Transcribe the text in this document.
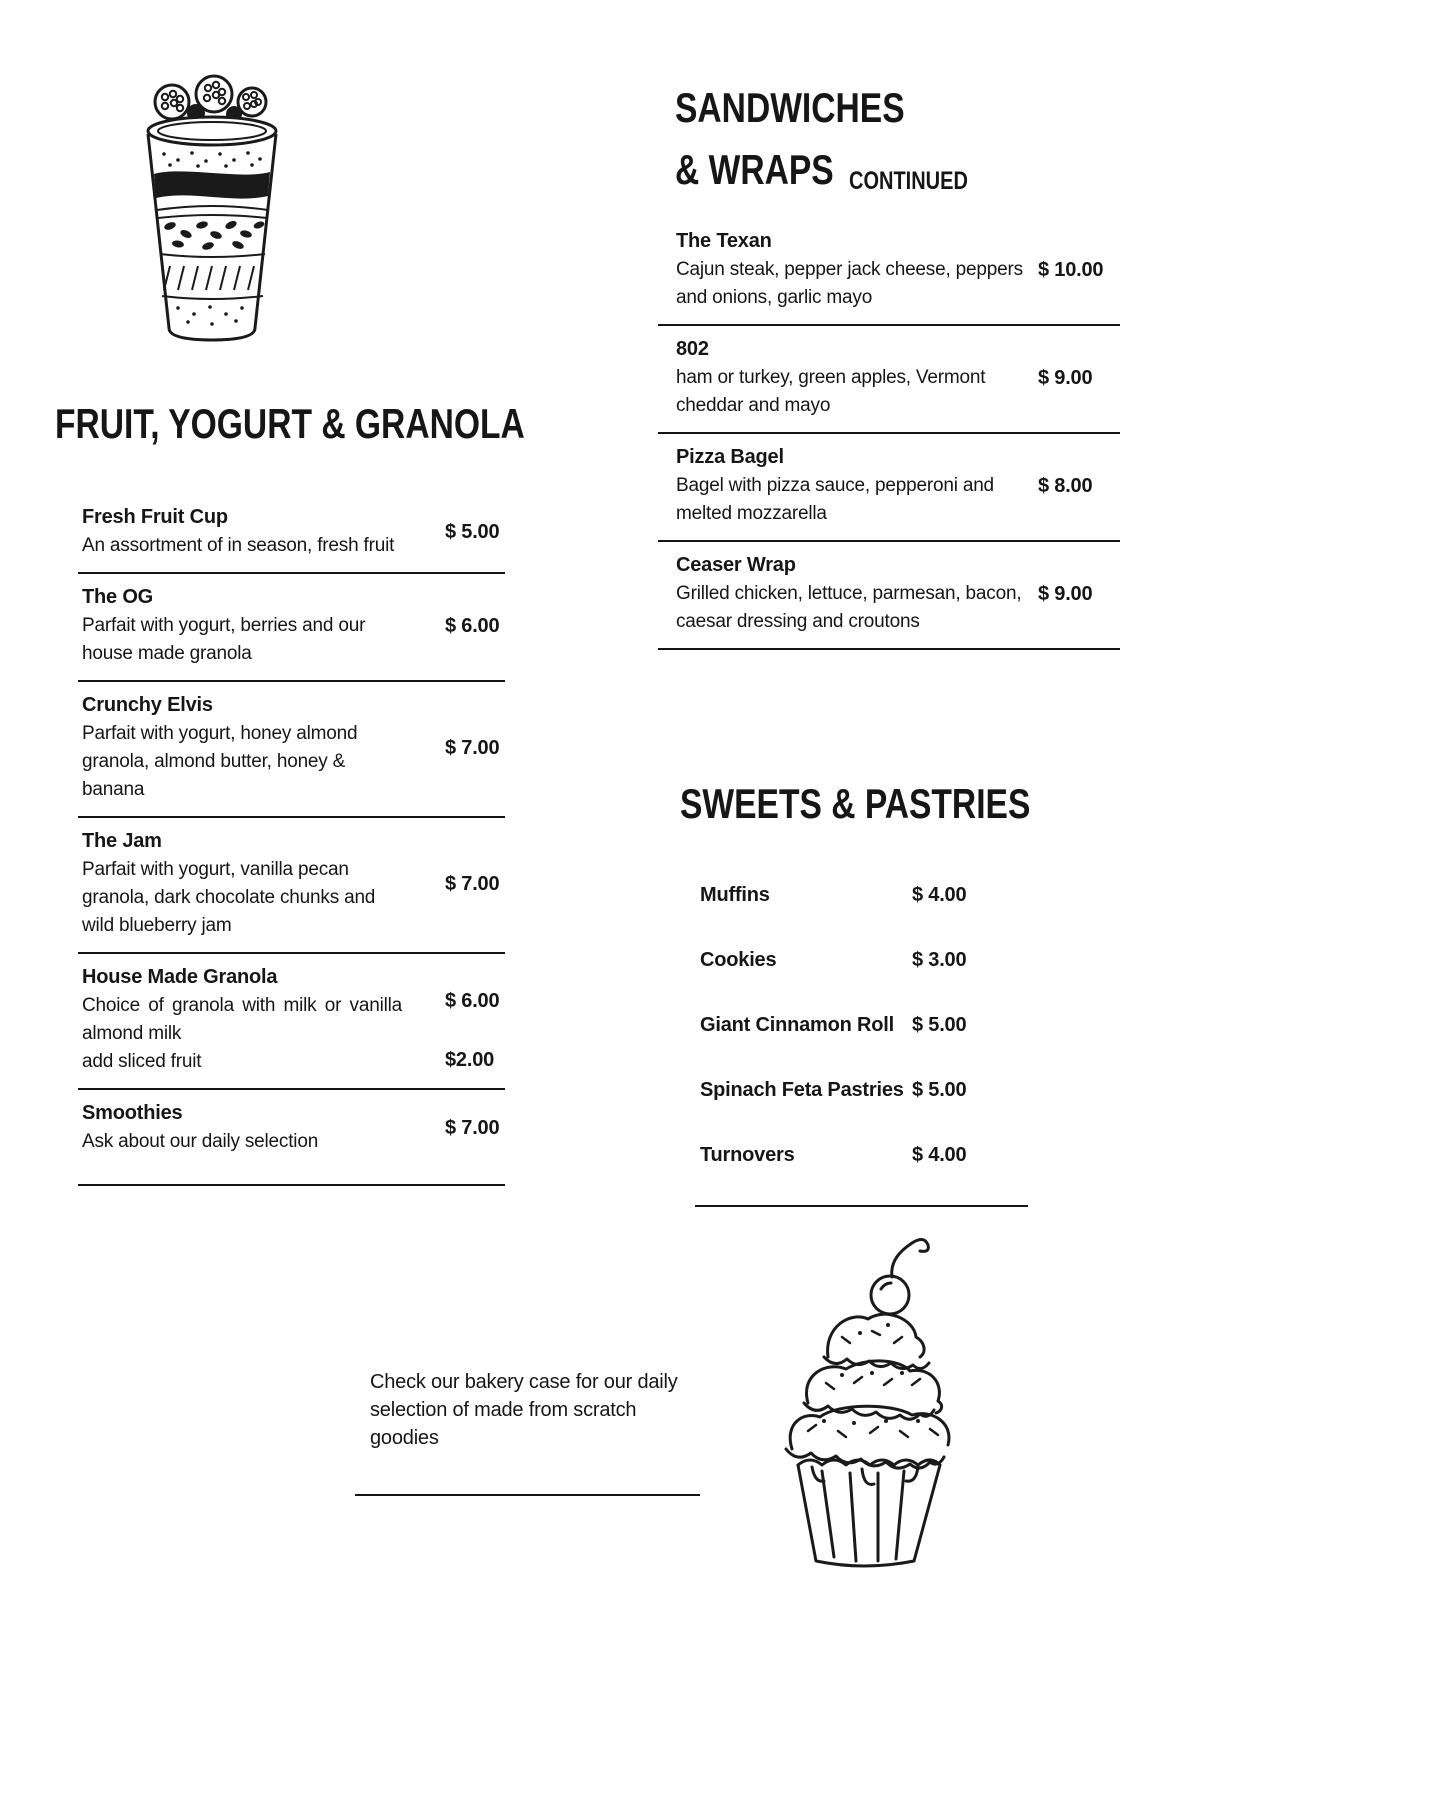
FRUIT, YOGURT & GRANOLA
Fresh Fruit Cup
An assortment of in season, fresh fruit
$ 5.00
The OG
Parfait with yogurt, berries and our house made granola
$ 6.00
Crunchy Elvis
Parfait with yogurt, honey almond granola, almond butter, honey & banana
$ 7.00
The Jam
Parfait with yogurt, vanilla pecan granola, dark chocolate chunks and wild blueberry jam
$ 7.00
House Made Granola
Choice of granola with milk or vanilla almond milk
add sliced fruit
$ 6.00
$2.00
Smoothies
Ask about our daily selection
$ 7.00
Check our bakery case for our daily selection of made from scratch goodies
SANDWICHES
& WRAPS CONTINUED
The Texan
Cajun steak, pepper jack cheese, peppers and onions, garlic mayo
$ 10.00
802
ham or turkey, green apples, Vermont cheddar and mayo
$ 9.00
Pizza Bagel
Bagel with pizza sauce, pepperoni and melted mozzarella
$ 8.00
Ceaser Wrap
Grilled chicken, lettuce, parmesan, bacon, caesar dressing and croutons
$ 9.00
SWEETS & PASTRIES
Muffins	$ 4.00
Cookies	$ 3.00
Giant Cinnamon Roll $ 5.00
Spinach Feta Pastries $ 5.00
Turnovers	$ 4.00
